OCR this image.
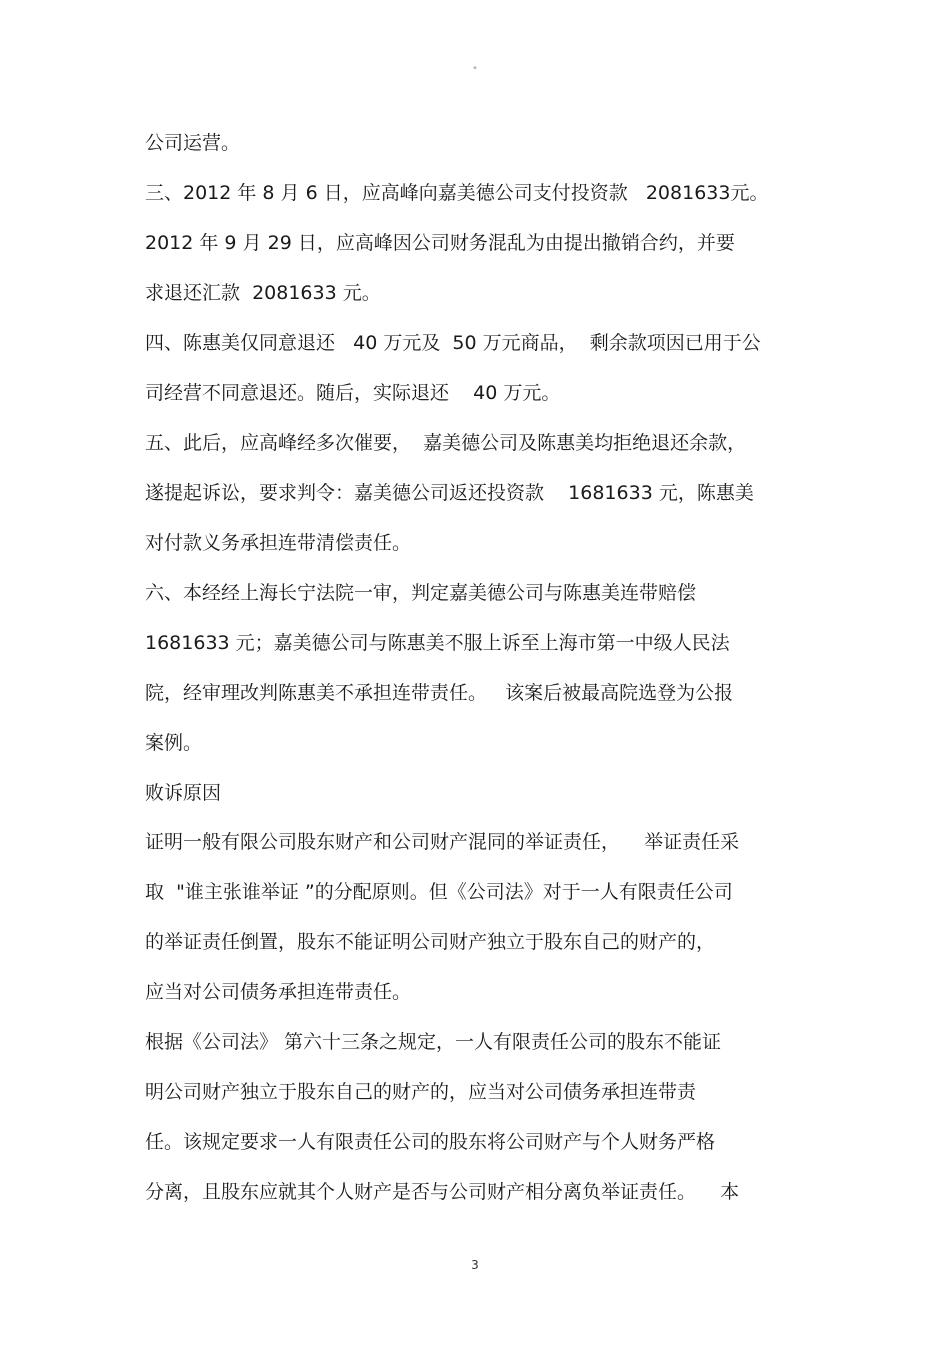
"

公司运营。

三、2012 年 8 月 6 日，应高峰向嘉美德公司支付投资款   2081633元。

2012 年 9 月 29 日，应高峰因公司财务混乱为由提出撤销合约，并要

求退还汇款  2081633 元。

四、陈惠美仅同意退还   40 万元及  50 万元商品，  剩余款项因已用于公

司经营不同意退还。随后，实际退还    40 万元。

五、此后，应高峰经多次催要，  嘉美德公司及陈惠美均拒绝退还余款，

遂提起诉讼，要求判令：嘉美德公司返还投资款    1681633 元，陈惠美

对付款义务承担连带清偿责任。

六、本经经上海长宁法院一审，判定嘉美德公司与陈惠美连带赔偿

1681633 元；嘉美德公司与陈惠美不服上诉至上海市第一中级人民法

院，经审理改判陈惠美不承担连带责任。   该案后被最高院选登为公报

案例。

败诉原因

证明一般有限公司股东财产和公司财产混同的举证责任，    举证责任采

取  "谁主张谁举证 ”的分配原则。但《公司法》对于一人有限责任公司

的举证责任倒置，股东不能证明公司财产独立于股东自己的财产的，

应当对公司债务承担连带责任。

根据《公司法》 第六十三条之规定，一人有限责任公司的股东不能证

明公司财产独立于股东自己的财产的，应当对公司债务承担连带责

任。该规定要求一人有限责任公司的股东将公司财产与个人财务严格

分离，且股东应就其个人财产是否与公司财产相分离负举证责任。    本

3
